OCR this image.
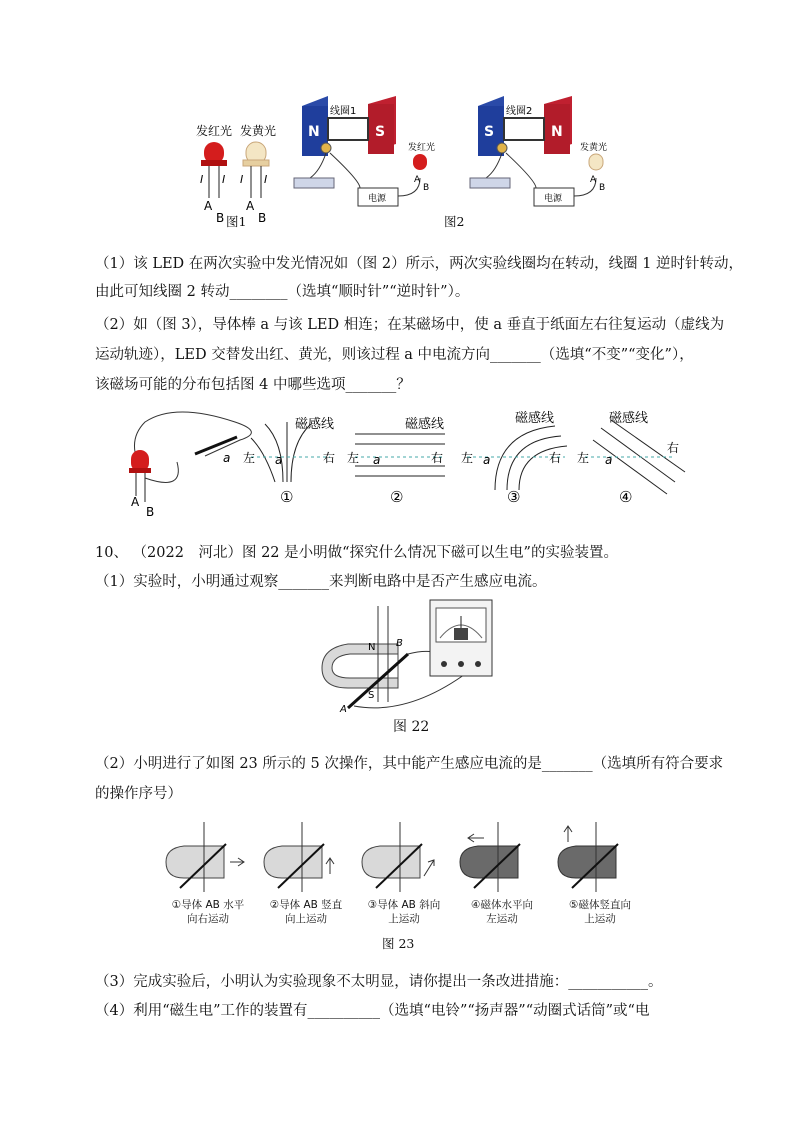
发红光 发黄光
I I
A
B
I I
A
B
图1
N	S
线圈1
电源
发红光
A
B
S	N
线圈2
电源
发黄光
A
B
图2
（1）该 LED 在两次实验中发光情况如（图 2）所示，两次实验线圈均在转动，线圈 1 逆时针转动，
由此可知线圈 2 转动________（选填“顺时针”“逆时针”）。
（2）如（图 3），导体棒 a 与该 LED 相连；在某磁场中，使 a 垂直于纸面左右往复运动（虚线为
运动轨迹），LED 交替发出红、黄光，则该过程 a 中电流方向_______（选填“不变”“变化”），
该磁场可能的分布包括图 4 中哪些选项_______？
a
A
B
磁感线
左	右
a
①
磁感线
左	右
a
②
磁感线
左	右
a
③
磁感线
左
右
a
④
10、 （2022　河北）图 22 是小明做“探究什么情况下磁可以生电”的实验装置。
（1）实验时，小明通过观察_______来判断电路中是否产生感应电流。
N
S
A
B
图 22
（2）小明进行了如图 23 所示的 5 次操作，其中能产生感应电流的是_______（选填所有符合要求
的操作序号）
①导体 AB 水平
向右运动
②导体 AB 竖直
向上运动
③导体 AB 斜向
上运动
④磁体水平向
左运动
⑤磁体竖直向
上运动
图 23
（3）完成实验后，小明认为实验现象不太明显，请你提出一条改进措施：___________。
（4）利用“磁生电”工作的装置有__________（选填“电铃”“扬声器”“动圈式话筒”或“电
